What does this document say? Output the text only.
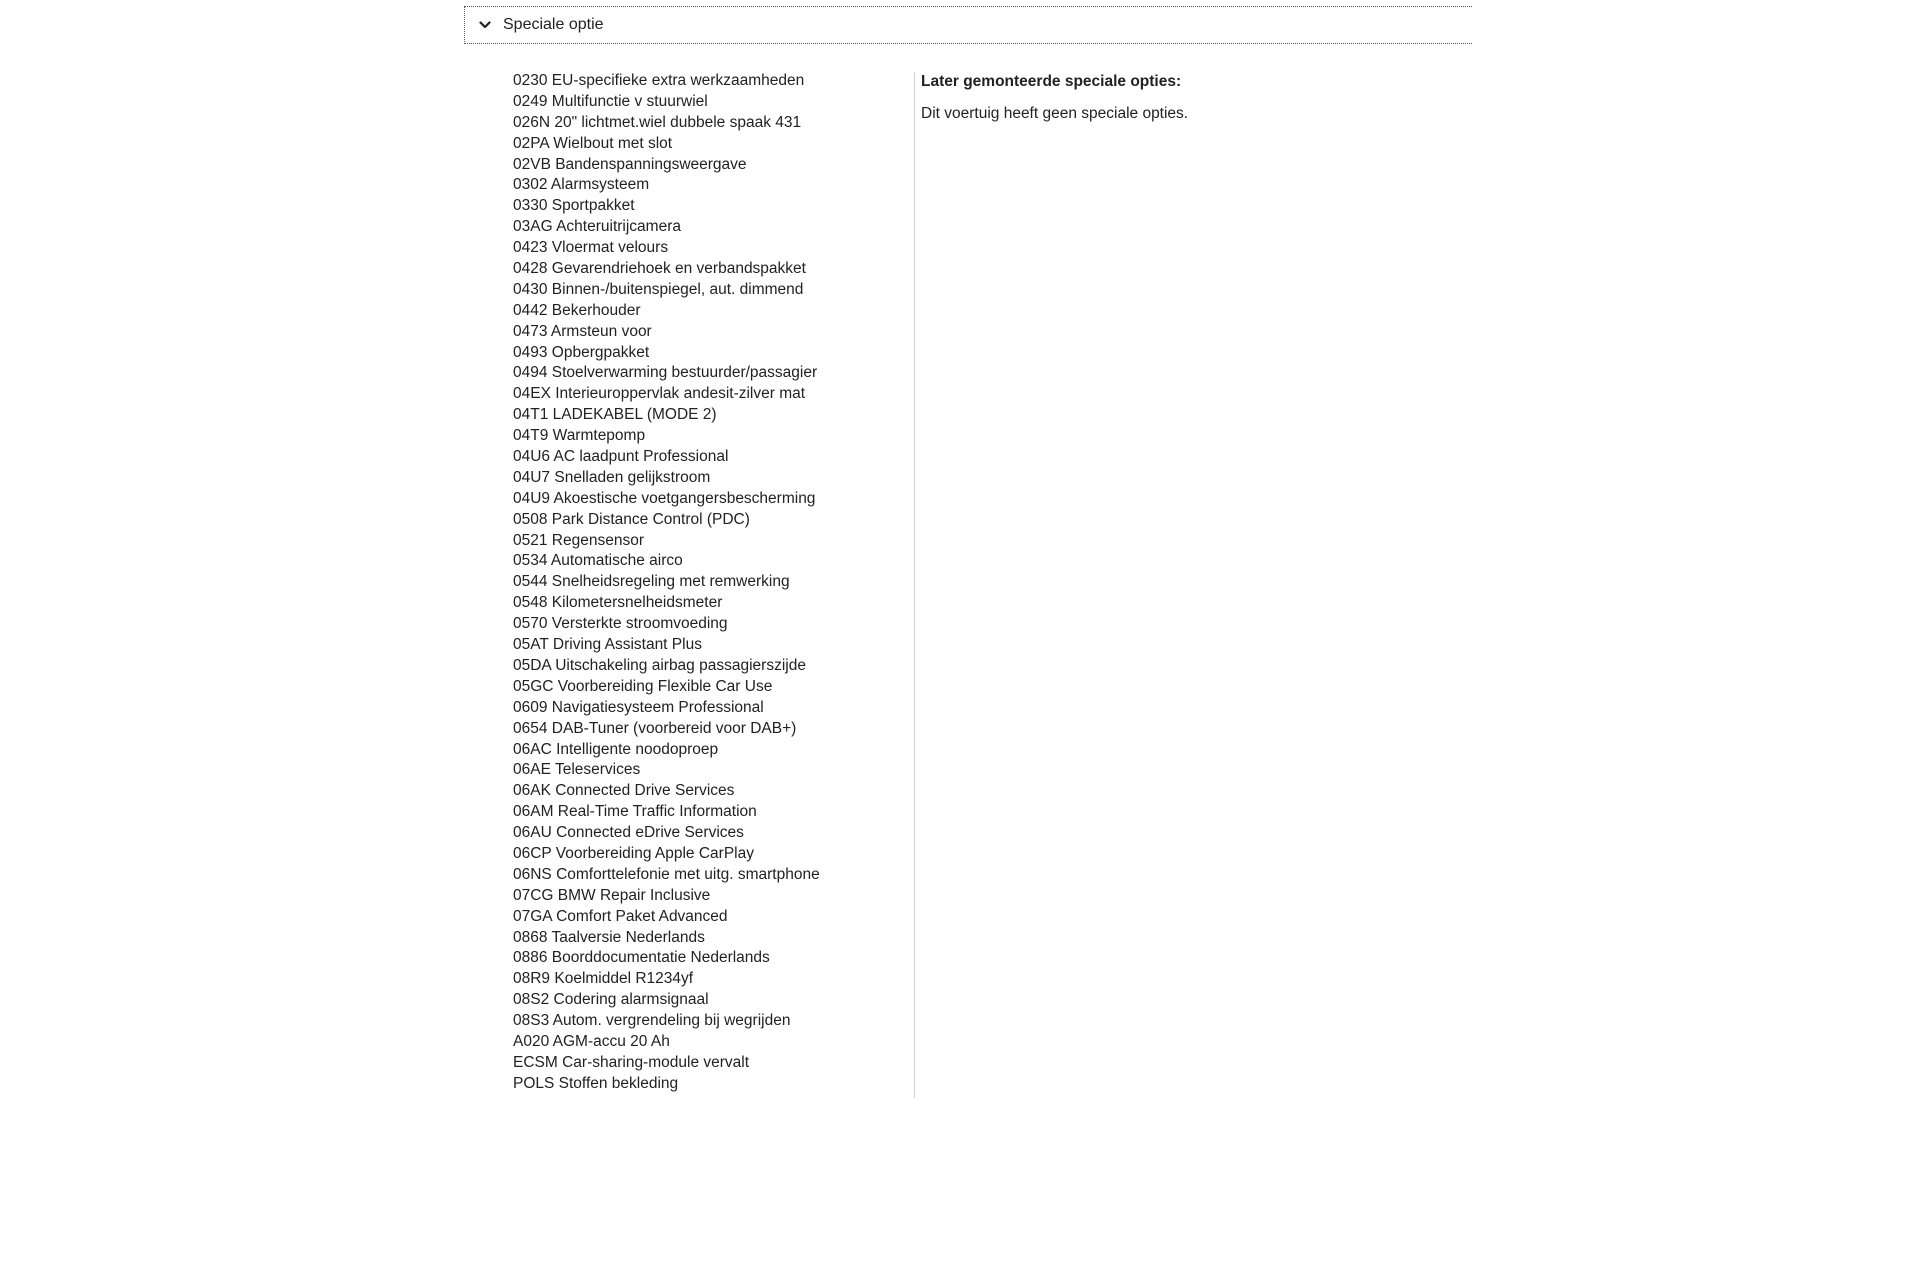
Speciale optie
0230 EU-specifieke extra werkzaamheden
0249 Multifunctie v stuurwiel
026N 20" lichtmet.wiel dubbele spaak 431
02PA Wielbout met slot
02VB Bandenspanningsweergave
0302 Alarmsysteem
0330 Sportpakket
03AG Achteruitrijcamera
0423 Vloermat velours
0428 Gevarendriehoek en verbandspakket
0430 Binnen-/buitenspiegel, aut. dimmend
0442 Bekerhouder
0473 Armsteun voor
0493 Opbergpakket
0494 Stoelverwarming bestuurder/passagier
04EX Interieuroppervlak andesit-zilver mat
04T1 LADEKABEL (MODE 2)
04T9 Warmtepomp
04U6 AC laadpunt Professional
04U7 Snelladen gelijkstroom
04U9 Akoestische voetgangersbescherming
0508 Park Distance Control (PDC)
0521 Regensensor
0534 Automatische airco
0544 Snelheidsregeling met remwerking
0548 Kilometersnelheidsmeter
0570 Versterkte stroomvoeding
05AT Driving Assistant Plus
05DA Uitschakeling airbag passagierszijde
05GC Voorbereiding Flexible Car Use
0609 Navigatiesysteem Professional
0654 DAB-Tuner (voorbereid voor DAB+)
06AC Intelligente noodoproep
06AE Teleservices
06AK Connected Drive Services
06AM Real-Time Traffic Information
06AU Connected eDrive Services
06CP Voorbereiding Apple CarPlay
06NS Comforttelefonie met uitg. smartphone
07CG BMW Repair Inclusive
07GA Comfort Paket Advanced
0868 Taalversie Nederlands
0886 Boorddocumentatie Nederlands
08R9 Koelmiddel R1234yf
08S2 Codering alarmsignaal
08S3 Autom. vergrendeling bij wegrijden
A020 AGM-accu 20 Ah
ECSM Car-sharing-module vervalt
POLS Stoffen bekleding

Later gemonteerde speciale opties:

Dit voertuig heeft geen speciale opties.
